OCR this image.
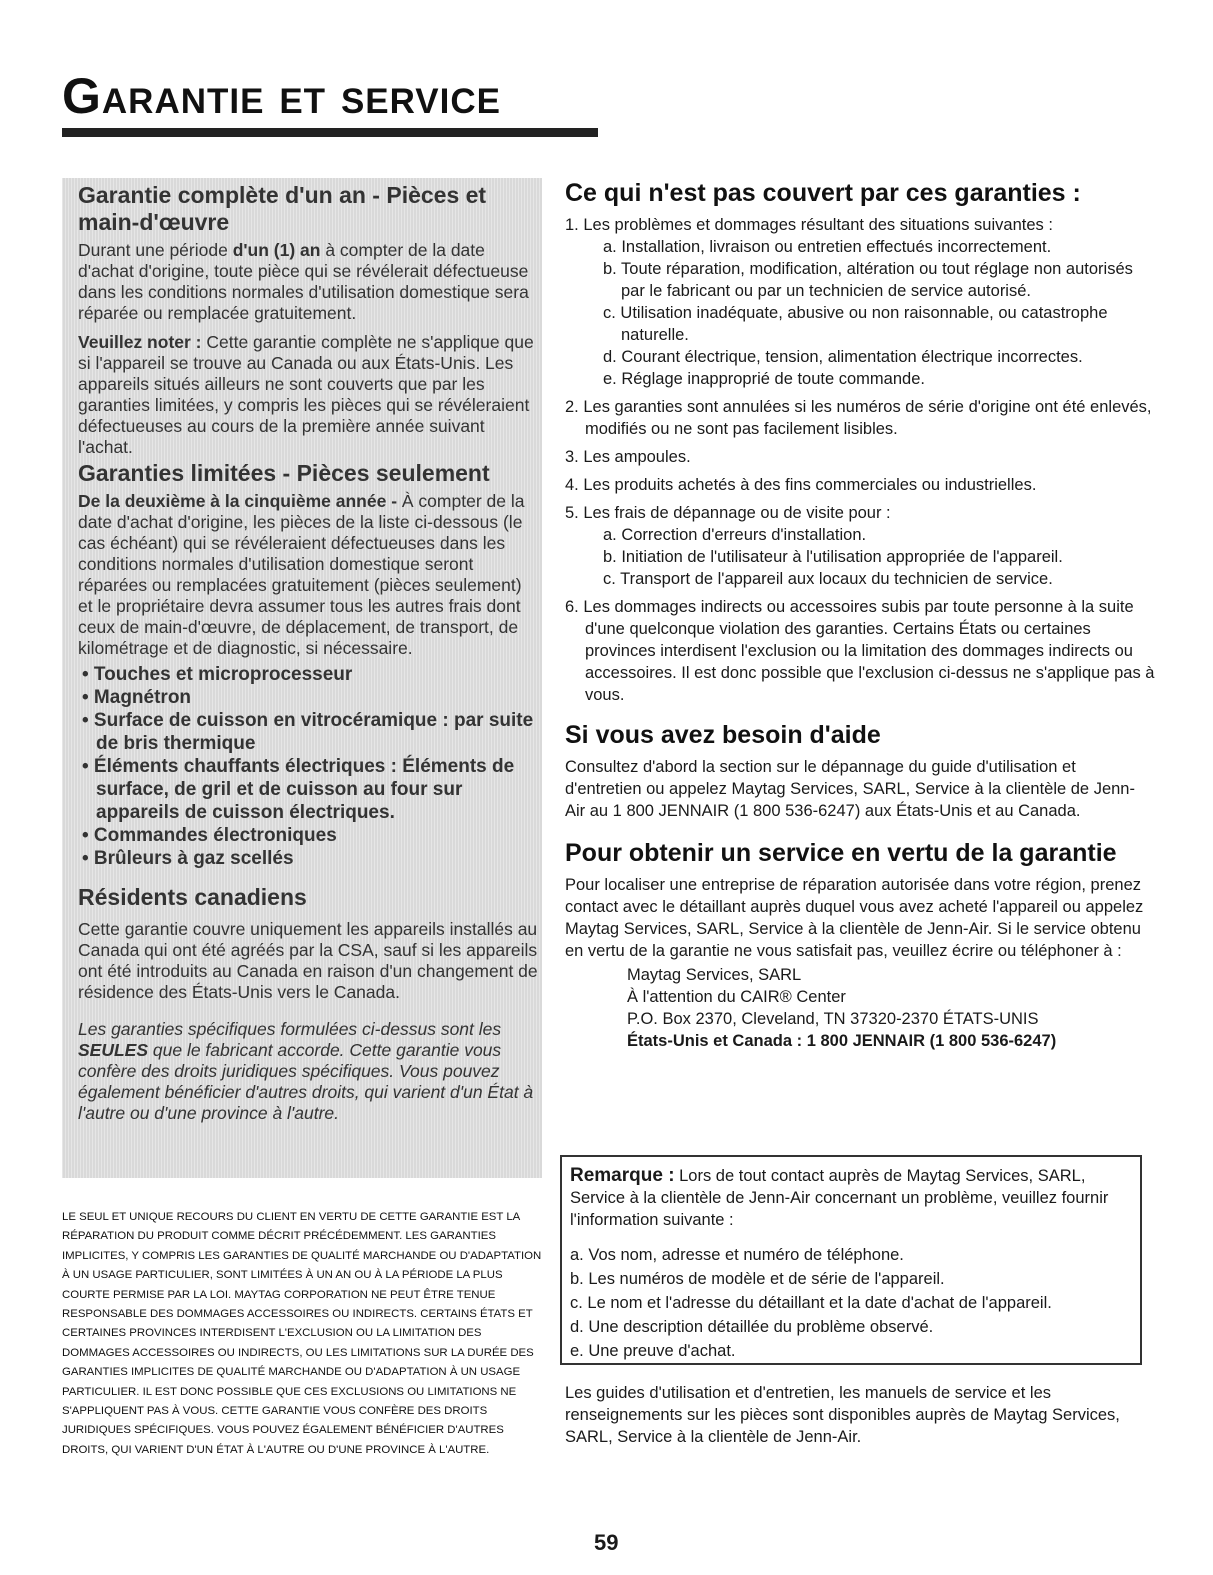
Garantie et service
Garantie complète d'un an - Pièces et main-d'œuvre

Durant une période d'un (1) an à compter de la date d'achat d'origine, toute pièce qui se révélerait défectueuse dans les conditions normales d'utilisation domestique sera réparée ou remplacée gratuitement.

Veuillez noter : Cette garantie complète ne s'applique que si l'appareil se trouve au Canada ou aux États-Unis. Les appareils situés ailleurs ne sont couverts que par les garanties limitées, y compris les pièces qui se révéleraient défectueuses au cours de la première année suivant l'achat.

Garanties limitées - Pièces seulement

De la deuxième à la cinquième année - À compter de la date d'achat d'origine, les pièces de la liste ci-dessous (le cas échéant) qui se révéleraient défectueuses dans les conditions normales d'utilisation domestique seront réparées ou remplacées gratuitement (pièces seulement) et le propriétaire devra assumer tous les autres frais dont ceux de main-d'œuvre, de déplacement, de transport, de kilométrage et de diagnostic, si nécessaire.

• Touches et microprocesseur
• Magnétron
• Surface de cuisson en vitrocéramique : par suite de bris thermique
• Éléments chauffants électriques : Éléments de surface, de gril et de cuisson au four sur appareils de cuisson électriques.
• Commandes électroniques
• Brûleurs à gaz scellés
Résidents canadiens

Cette garantie couvre uniquement les appareils installés au Canada qui ont été agréés par la CSA, sauf si les appareils ont été introduits au Canada en raison d'un changement de résidence des États-Unis vers le Canada.

Les garanties spécifiques formulées ci-dessus sont les SEULES que le fabricant accorde. Cette garantie vous confère des droits juridiques spécifiques. Vous pouvez également bénéficier d'autres droits, qui varient d'un État à l'autre ou d'une province à l'autre.

LE SEUL ET UNIQUE RECOURS DU CLIENT EN VERTU DE CETTE GARANTIE EST LA RÉPARATION DU PRODUIT COMME DÉCRIT PRÉCÉDEMMENT. LES GARANTIES IMPLICITES, Y COMPRIS LES GARANTIES DE QUALITÉ MARCHANDE OU D'ADAPTATION À UN USAGE PARTICULIER, SONT LIMITÉES À UN AN OU À LA PÉRIODE LA PLUS COURTE PERMISE PAR LA LOI. MAYTAG CORPORATION NE PEUT ÊTRE TENUE RESPONSABLE DES DOMMAGES ACCESSOIRES OU INDIRECTS. CERTAINS ÉTATS ET CERTAINES PROVINCES INTERDISENT L'EXCLUSION OU LA LIMITATION DES DOMMAGES ACCESSOIRES OU INDIRECTS, OU LES LIMITATIONS SUR LA DURÉE DES GARANTIES IMPLICITES DE QUALITÉ MARCHANDE OU D'ADAPTATION À UN USAGE PARTICULIER. IL EST DONC POSSIBLE QUE CES EXCLUSIONS OU LIMITATIONS NE S'APPLIQUENT PAS À VOUS. CETTE GARANTIE VOUS CONFÈRE DES DROITS JURIDIQUES SPÉCIFIQUES. VOUS POUVEZ ÉGALEMENT BÉNÉFICIER D'AUTRES DROITS, QUI VARIENT D'UN ÉTAT À L'AUTRE OU D'UNE PROVINCE À L'AUTRE.

Ce qui n'est pas couvert par ces garanties :
1. Les problèmes et dommages résultant des situations suivantes :
a. Installation, livraison ou entretien effectués incorrectement.
b. Toute réparation, modification, altération ou tout réglage non autorisés par le fabricant ou par un technicien de service autorisé.
c. Utilisation inadéquate, abusive ou non raisonnable, ou catastrophe naturelle.
d. Courant électrique, tension, alimentation électrique incorrectes.
e. Réglage inapproprié de toute commande.
2. Les garanties sont annulées si les numéros de série d'origine ont été enlevés, modifiés ou ne sont pas facilement lisibles.
3. Les ampoules.
4. Les produits achetés à des fins commerciales ou industrielles.
5. Les frais de dépannage ou de visite pour :
a. Correction d'erreurs d'installation.
b. Initiation de l'utilisateur à l'utilisation appropriée de l'appareil.
c. Transport de l'appareil aux locaux du technicien de service.
6. Les dommages indirects ou accessoires subis par toute personne à la suite d'une quelconque violation des garanties. Certains États ou certaines provinces interdisent l'exclusion ou la limitation des dommages indirects ou accessoires. Il est donc possible que l'exclusion ci-dessus ne s'applique pas à vous.
Si vous avez besoin d'aide

Consultez d'abord la section sur le dépannage du guide d'utilisation et d'entretien ou appelez Maytag Services, SARL, Service à la clientèle de Jenn-Air au 1 800 JENNAIR (1 800 536-6247) aux États-Unis et au Canada.

Pour obtenir un service en vertu de la garantie

Pour localiser une entreprise de réparation autorisée dans votre région, prenez contact avec le détaillant auprès duquel vous avez acheté l'appareil ou appelez Maytag Services, SARL, Service à la clientèle de Jenn-Air. Si le service obtenu en vertu de la garantie ne vous satisfait pas, veuillez écrire ou téléphoner à :

Maytag Services, SARL
À l'attention du CAIR® Center
P.O. Box 2370, Cleveland, TN 37320-2370 ÉTATS-UNIS
États-Unis et Canada : 1 800 JENNAIR (1 800 536-6247)

Remarque : Lors de tout contact auprès de Maytag Services, SARL, Service à la clientèle de Jenn-Air concernant un problème, veuillez fournir l'information suivante :

a. Vos nom, adresse et numéro de téléphone.
b. Les numéros de modèle et de série de l'appareil.
c. Le nom et l'adresse du détaillant et la date d'achat de l'appareil.
d. Une description détaillée du problème observé.
e. Une preuve d'achat.

Les guides d'utilisation et d'entretien, les manuels de service et les renseignements sur les pièces sont disponibles auprès de Maytag Services, SARL, Service à la clientèle de Jenn-Air.

59
